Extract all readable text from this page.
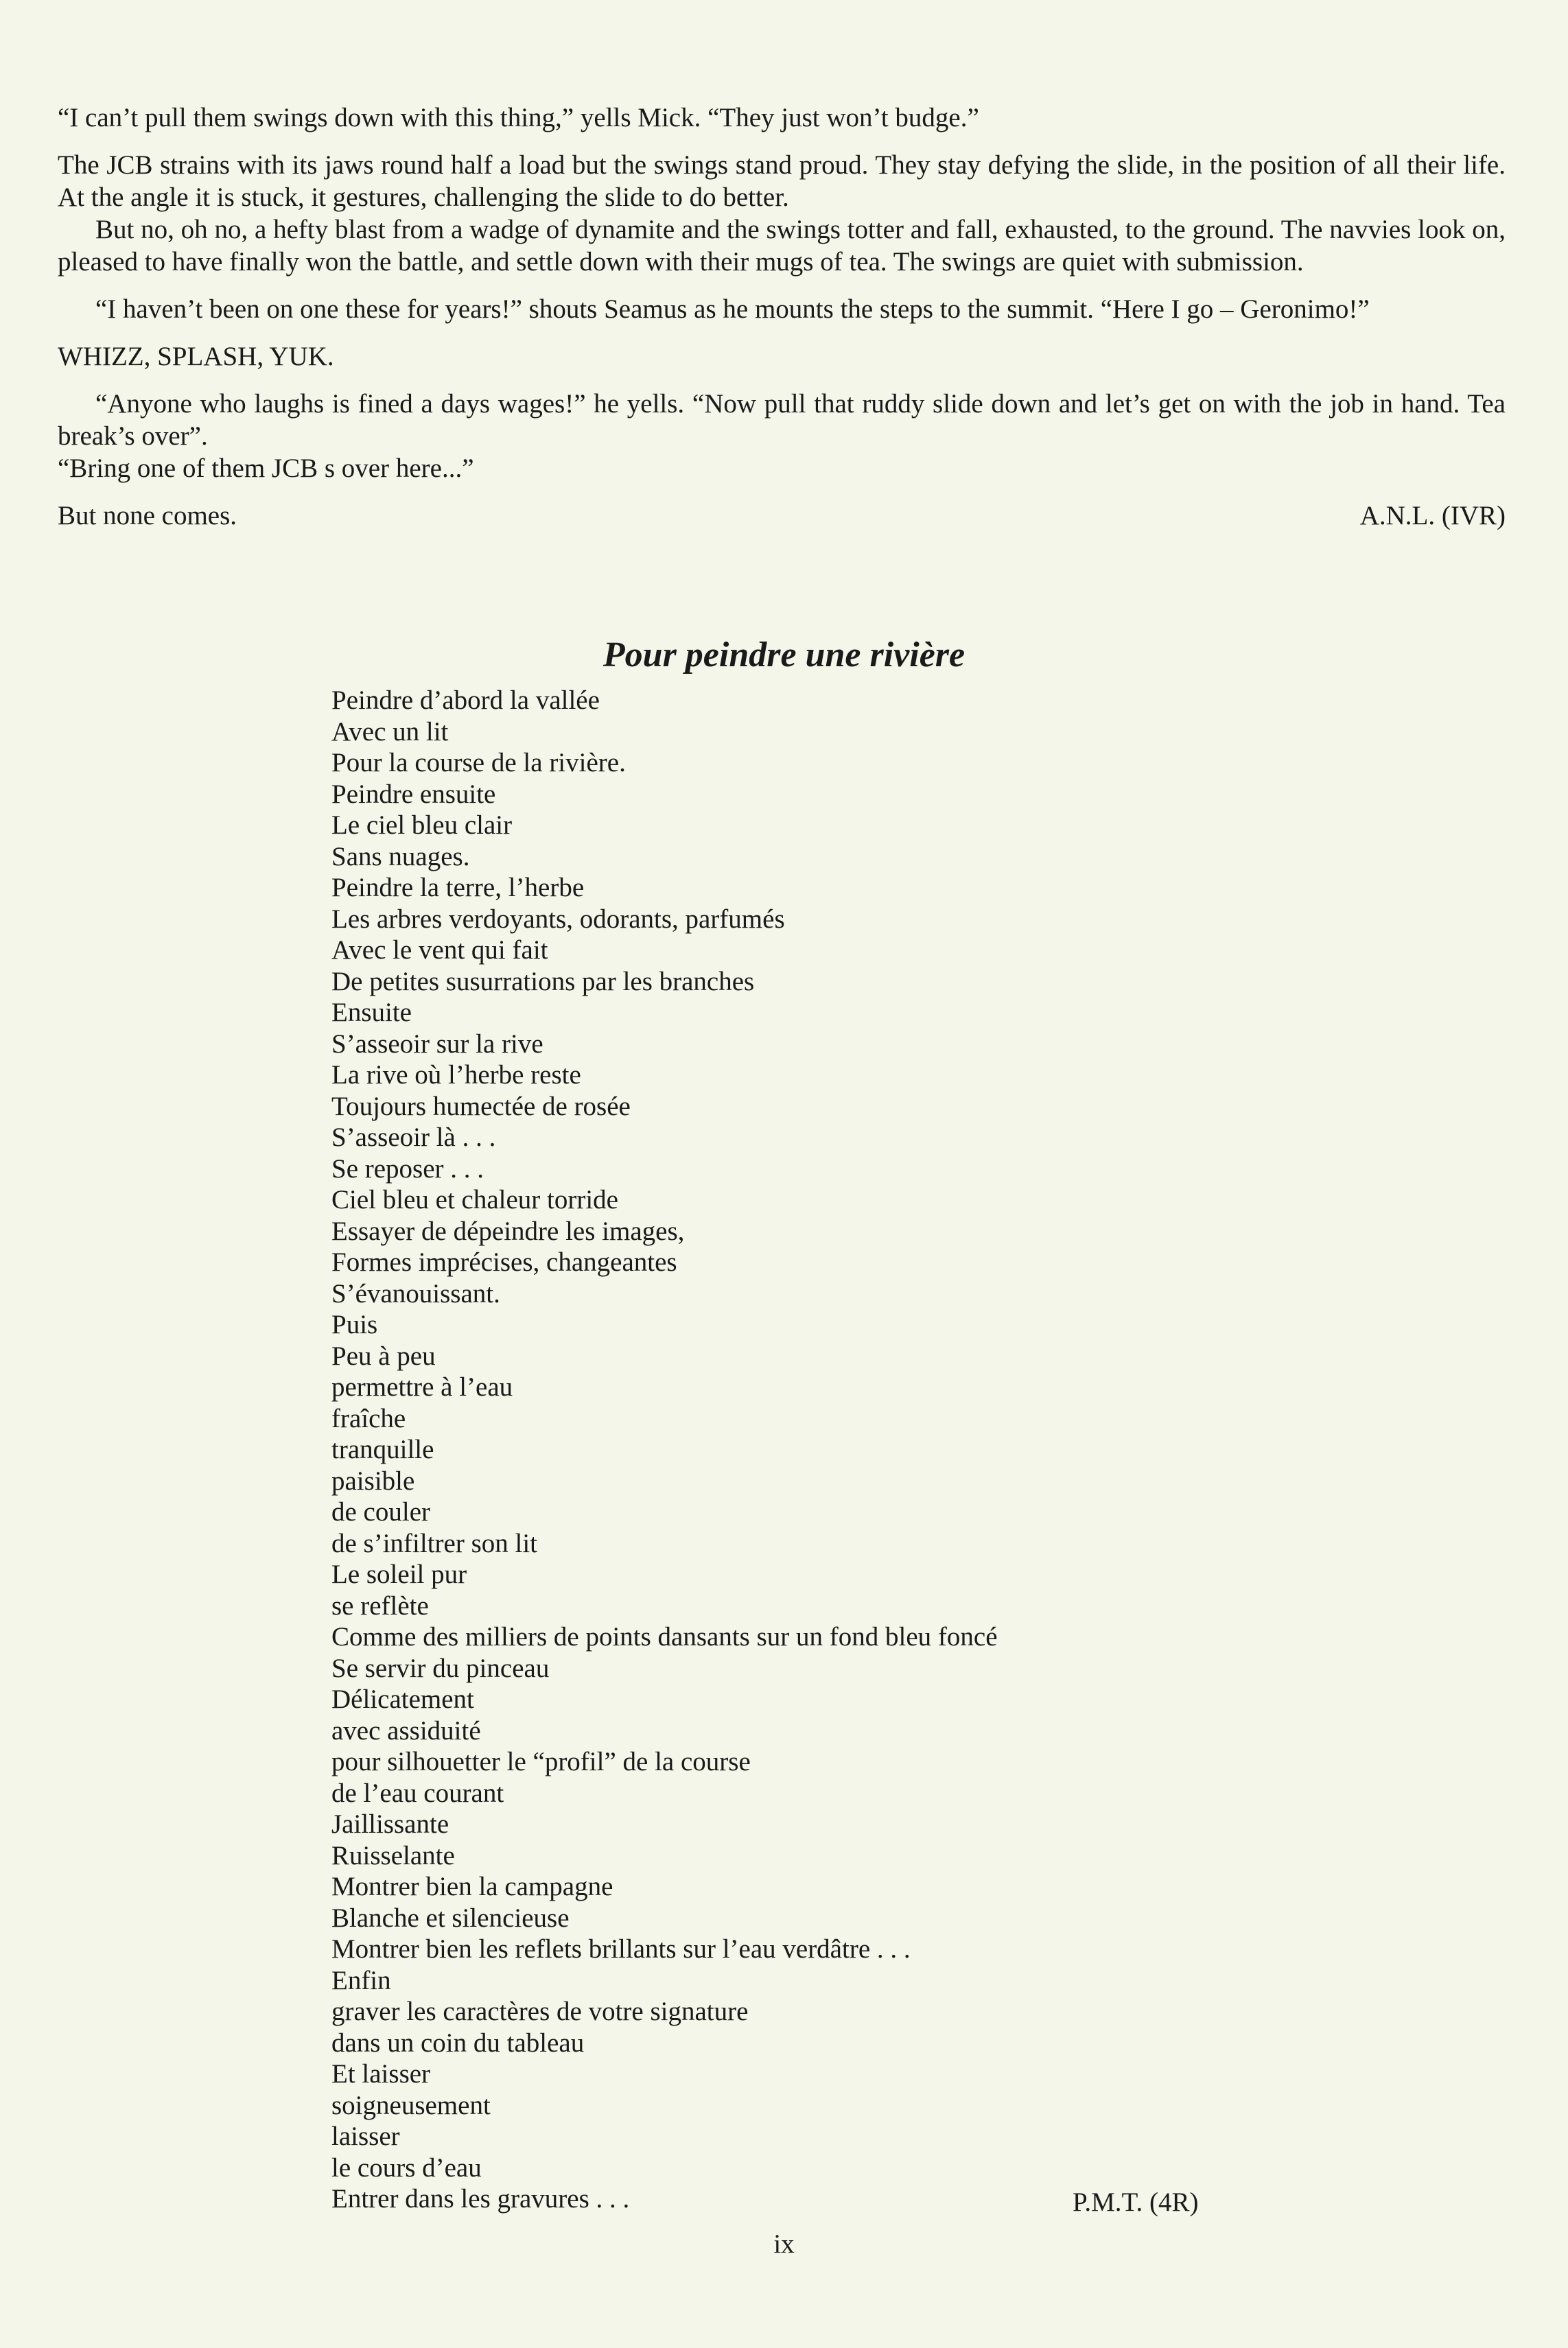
“I can’t pull them swings down with this thing,” yells Mick. “They just won’t budge.”

The JCB strains with its jaws round half a load but the swings stand proud. They stay defying the slide, in the position of all their life. At the angle it is stuck, it gestures, challenging the slide to do better.

But no, oh no, a hefty blast from a wadge of dynamite and the swings totter and fall, exhausted, to the ground. The navvies look on, pleased to have finally won the battle, and settle down with their mugs of tea. The swings are quiet with submission.

“I haven’t been on one these for years!” shouts Seamus as he mounts the steps to the summit. “Here I go – Geronimo!”

WHIZZ, SPLASH, YUK.

“Anyone who laughs is fined a days wages!” he yells. “Now pull that ruddy slide down and let’s get on with the job in hand. Tea break’s over”.

“Bring one of them JCB s over here...”

But none comes.	A.N.L. (IVR)
Pour peindre une rivière
Peindre d’abord la vallée
Avec un lit
Pour la course de la rivière.
Peindre ensuite
Le ciel bleu clair
Sans nuages.
Peindre la terre, l’herbe
Les arbres verdoyants, odorants, parfumés
Avec le vent qui fait
De petites susurrations par les branches
Ensuite
S’asseoir sur la rive
La rive où l’herbe reste
Toujours humectée de rosée
S’asseoir là . . .
Se reposer . . .
Ciel bleu et chaleur torride
Essayer de dépeindre les images,
Formes imprécises, changeantes
S’évanouissant.
Puis
Peu à peu
permettre à l’eau
fraîche
tranquille
paisible
de couler
de s’infiltrer son lit
Le soleil pur
se reflète
Comme des milliers de points dansants sur un fond bleu foncé
Se servir du pinceau
Délicatement
avec assiduité
pour silhouetter le “profil” de la course
de l’eau courant
Jaillissante
Ruisselante
Montrer bien la campagne
Blanche et silencieuse
Montrer bien les reflets brillants sur l’eau verdâtre . . .
Enfin
graver les caractères de votre signature
dans un coin du tableau
Et laisser
soigneusement
laisser
le cours d’eau
Entrer dans les gravures . . .	P.M.T. (4R)
ix
